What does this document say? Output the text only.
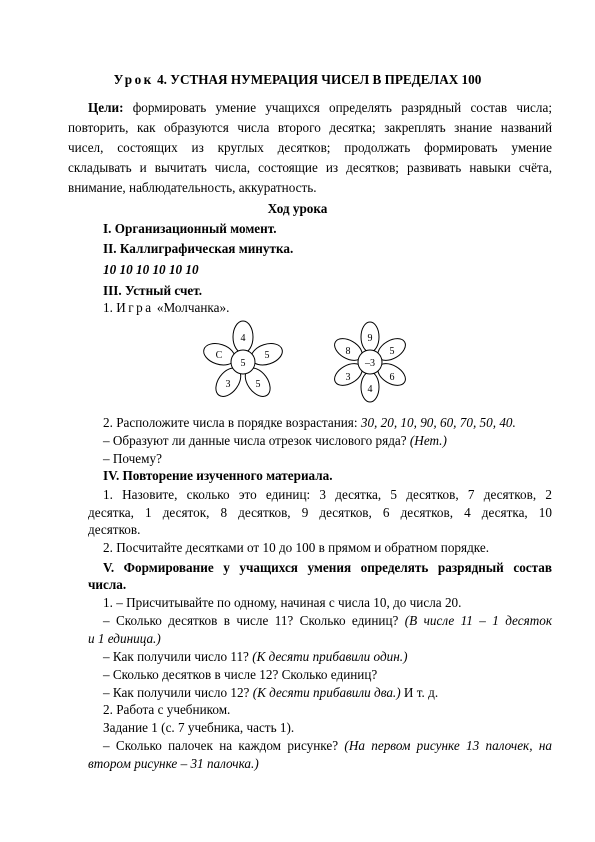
Урок 4. УСТНАЯ НУМЕРАЦИЯ ЧИСЕЛ В ПРЕДЕЛАХ 100
Цели: формировать умение учащихся определять разрядный состав числа;
повторить, как образуются числа второго десятка; закреплять знание названий
чисел, состоящих из круглых десятков; продолжать формировать умение
складывать и вычитать числа, состоящие из десятков; развивать навыки счёта,
внимание, наблюдательность, аккуратность.
Ход урока
I. Организационный момент.
II. Каллиграфическая минутка.
10 10 10 10 10 10
III. Устный счет.
1. Игра «Молчанка».
5
4
5
5
3
С
–3
9
5
6
4
3
8
2. Расположите числа в порядке возрастания: 30, 20, 10, 90, 60, 70, 50, 40.
– Образуют ли данные числа отрезок числового ряда? (Нет.)
– Почему?
IV. Повторение изученного материала.
1. Назовите, сколько это единиц: 3 десятка, 5 десятков, 7 десятков, 2
десятка, 1 десяток, 8 десятков, 9 десятков, 6 десятков, 4 десятка, 10
десятков.
2. Посчитайте десятками от 10 до 100 в прямом и обратном порядке.
V. Формирование у учащихся умения определять разрядный состав
числа.
1. – Присчитывайте по одному, начиная с числа 10, до числа 20.
– Сколько десятков в числе 11? Сколько единиц? (В числе 11 – 1 десяток
и 1 единица.)
– Как получили число 11? (К десяти прибавили один.)
– Сколько десятков в числе 12? Сколько единиц?
– Как получили число 12? (К десяти прибавили два.) И т. д.
2. Работа с учебником.
Задание 1 (с. 7 учебника, часть 1).
– Сколько палочек на каждом рисунке? (На первом рисунке 13 палочек, на
втором рисунке – 31 палочка.)
